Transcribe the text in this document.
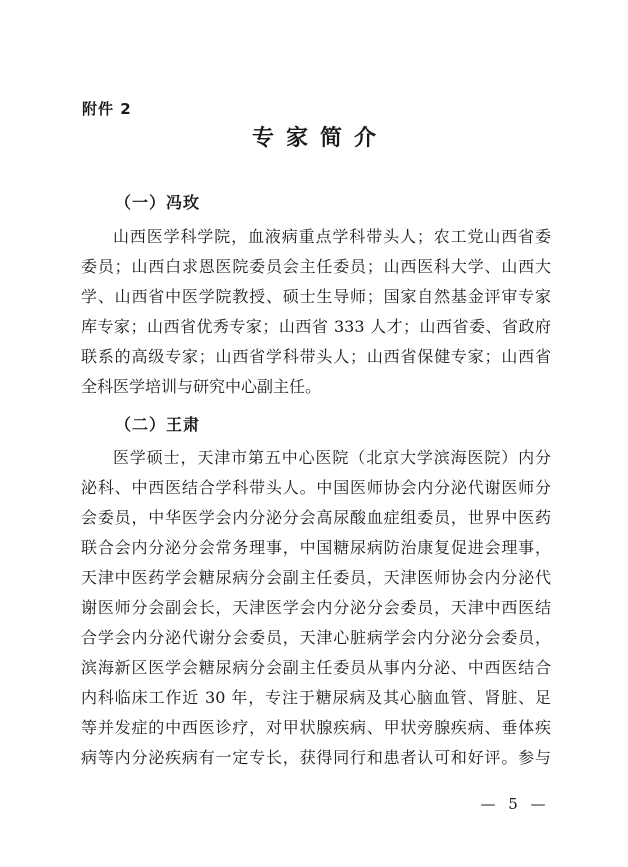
附件 2
专家简介
（一）冯玫
山西医学科学院，血液病重点学科带头人；农工党山西省委
委员；山西白求恩医院委员会主任委员；山西医科大学、山西大
学、山西省中医学院教授、硕士生导师；国家自然基金评审专家
库专家；山西省优秀专家；山西省 333 人才；山西省委、省政府
联系的高级专家；山西省学科带头人；山西省保健专家；山西省
全科医学培训与研究中心副主任。
（二）王肃
医学硕士，天津市第五中心医院（北京大学滨海医院）内分
泌科、中西医结合学科带头人。中国医师协会内分泌代谢医师分
会委员，中华医学会内分泌分会高尿酸血症组委员，世界中医药
联合会内分泌分会常务理事，中国糖尿病防治康复促进会理事，
天津中医药学会糖尿病分会副主任委员，天津医师协会内分泌代
谢医师分会副会长，天津医学会内分泌分会委员，天津中西医结
合学会内分泌代谢分会委员，天津心脏病学会内分泌分会委员，
滨海新区医学会糖尿病分会副主任委员从事内分泌、中西医结合
内科临床工作近 30 年，专注于糖尿病及其心脑血管、肾脏、足
等并发症的中西医诊疗，对甲状腺疾病、甲状旁腺疾病、垂体疾
病等内分泌疾病有一定专长，获得同行和患者认可和好评。参与
— 5 —
